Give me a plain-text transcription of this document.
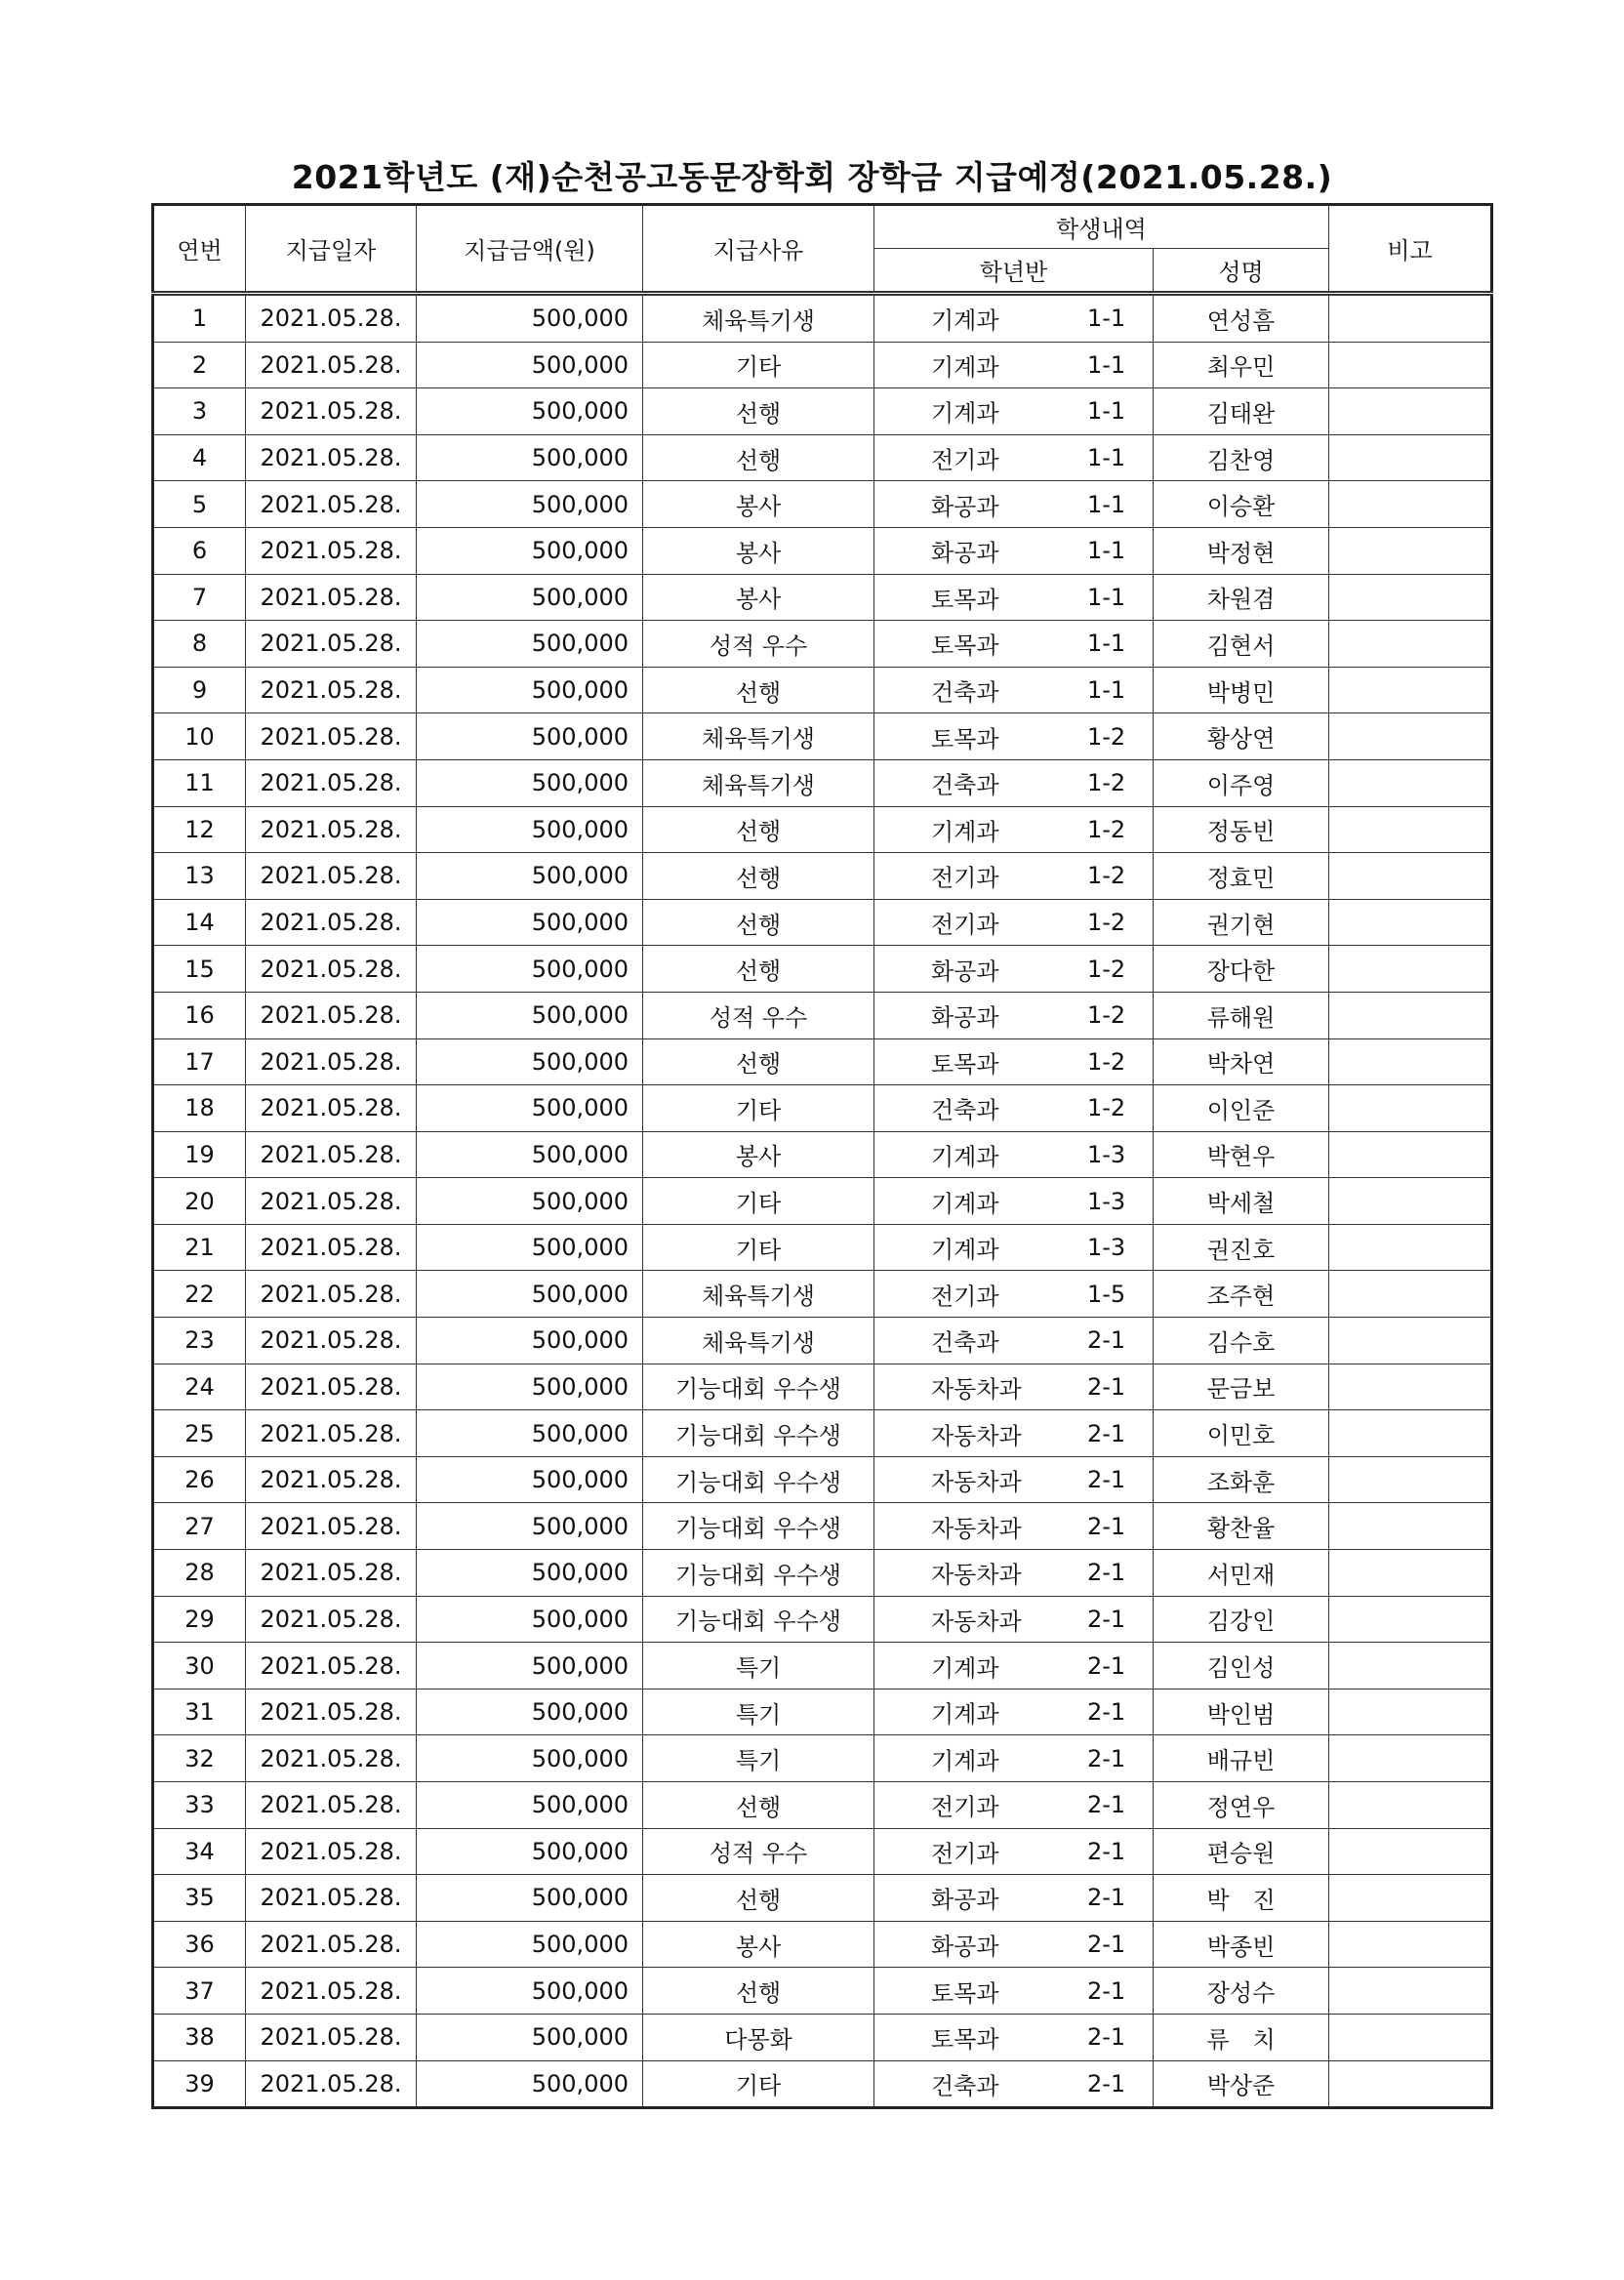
2021학년도 (재)순천공고동문장학회 장학금 지급예정(2021.05.28.)
연번	지급일자	지급금액(원)	지급사유	학생내역		비고
				학년반	성명	
1	2021.05.28.	500,000	체육특기생	기계과 1-1	연성흠	
2	2021.05.28.	500,000	기타	기계과 1-1	최우민	
3	2021.05.28.	500,000	선행	기계과 1-1	김태완	
4	2021.05.28.	500,000	선행	전기과 1-1	김찬영	
5	2021.05.28.	500,000	봉사	화공과 1-1	이승환	
6	2021.05.28.	500,000	봉사	화공과 1-1	박정현	
7	2021.05.28.	500,000	봉사	토목과 1-1	차원겸	
8	2021.05.28.	500,000	성적 우수	토목과 1-1	김현서	
9	2021.05.28.	500,000	선행	건축과 1-1	박병민	
10	2021.05.28.	500,000	체육특기생	토목과 1-2	황상연	
11	2021.05.28.	500,000	체육특기생	건축과 1-2	이주영	
12	2021.05.28.	500,000	선행	기계과 1-2	정동빈	
13	2021.05.28.	500,000	선행	전기과 1-2	정효민	
14	2021.05.28.	500,000	선행	전기과 1-2	권기현	
15	2021.05.28.	500,000	선행	화공과 1-2	장다한	
16	2021.05.28.	500,000	성적 우수	화공과 1-2	류해원	
17	2021.05.28.	500,000	선행	토목과 1-2	박차연	
18	2021.05.28.	500,000	기타	건축과 1-2	이인준	
19	2021.05.28.	500,000	봉사	기계과 1-3	박현우	
20	2021.05.28.	500,000	기타	기계과 1-3	박세철	
21	2021.05.28.	500,000	기타	기계과 1-3	권진호	
22	2021.05.28.	500,000	체육특기생	전기과 1-5	조주현	
23	2021.05.28.	500,000	체육특기생	건축과 2-1	김수호	
24	2021.05.28.	500,000	기능대회 우수생	자동차과 2-1	문금보	
25	2021.05.28.	500,000	기능대회 우수생	자동차과 2-1	이민호	
26	2021.05.28.	500,000	기능대회 우수생	자동차과 2-1	조화훈	
27	2021.05.28.	500,000	기능대회 우수생	자동차과 2-1	황찬율	
28	2021.05.28.	500,000	기능대회 우수생	자동차과 2-1	서민재	
29	2021.05.28.	500,000	기능대회 우수생	자동차과 2-1	김강인	
30	2021.05.28.	500,000	특기	기계과 2-1	김인성	
31	2021.05.28.	500,000	특기	기계과 2-1	박인범	
32	2021.05.28.	500,000	특기	기계과 2-1	배규빈	
33	2021.05.28.	500,000	선행	전기과 2-1	정연우	
34	2021.05.28.	500,000	성적 우수	전기과 2-1	편승원	
35	2021.05.28.	500,000	선행	화공과 2-1	박　진	
36	2021.05.28.	500,000	봉사	화공과 2-1	박종빈	
37	2021.05.28.	500,000	선행	토목과 2-1	장성수	
38	2021.05.28.	500,000	다몽화	토목과 2-1	류　치	
39	2021.05.28.	500,000	기타	건축과 2-1	박상준	
